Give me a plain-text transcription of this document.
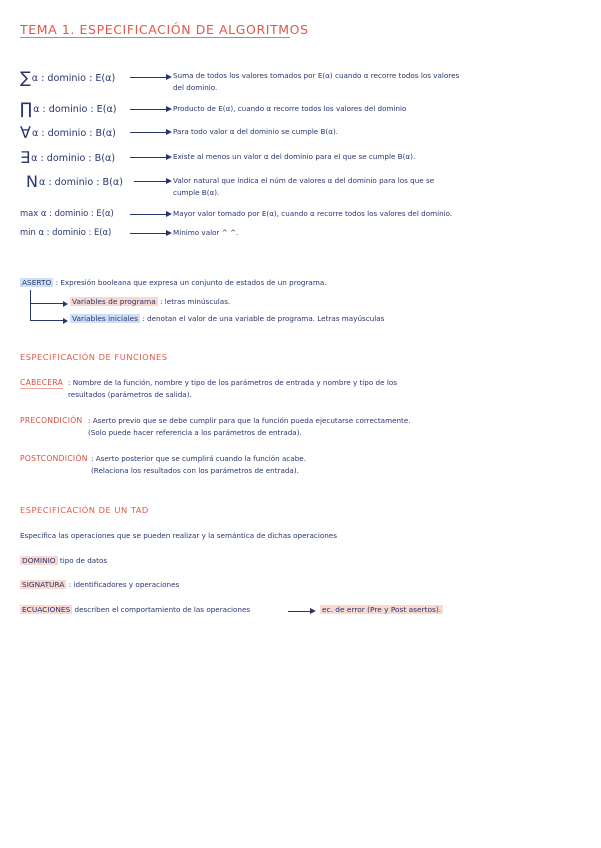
TEMA 1. ESPECIFICACIÓN DE ALGORITMOS
∑α : dominio : E(α)	Suma de todos los valores tomados por E(α) cuando α recorre todos los valores
del dominio.
∏α : dominio : E(α)	Producto de E(α), cuando α recorre todos los valores del dominio
∀α : dominio : B(α)	Para todo valor α del dominio se cumple B(α).
∃α : dominio : B(α)	Existe al menos un valor α del dominio para el que se cumple B(α).
Nα : dominio : B(α)	Valor natural que indica el núm de valores α del dominio para los que se
cumple B(α).
max α : dominio : E(α)	Mayor valor tomado por E(α), cuando α recorre todos los valores del dominio.
min α : dominio : E(α)	Mínimo valor ^ ^.
ASERTO : Expresión booleana que expresa un conjunto de estados de un programa.
Variables de programa : letras minúsculas.
Variables iniciales : denotan el valor de una variable de programa. Letras mayúsculas
ESPECIFICACIÓN DE FUNCIONES
CABECERA : Nombre de la función, nombre y tipo de los parámetros de entrada y nombre y tipo de los
resultados (parámetros de salida).
PRECONDICIÓN : Aserto previo que se debe cumplir para que la función pueda ejecutarse correctamente.
(Solo puede hacer referencia a los parámetros de entrada).
POSTCONDICIÓN : Aserto posterior que se cumplirá cuando la función acabe.
(Relaciona los resultados con los parámetros de entrada).
ESPECIFICACIÓN DE UN TAD
Especifica las operaciones que se pueden realizar y la semántica de dichas operaciones
DOMINIO tipo de datos
SIGNATURA : identificadores y operaciones
ECUACIONES describen el comportamiento de las operaciones	ec. de error (Pre y Post asertos).
